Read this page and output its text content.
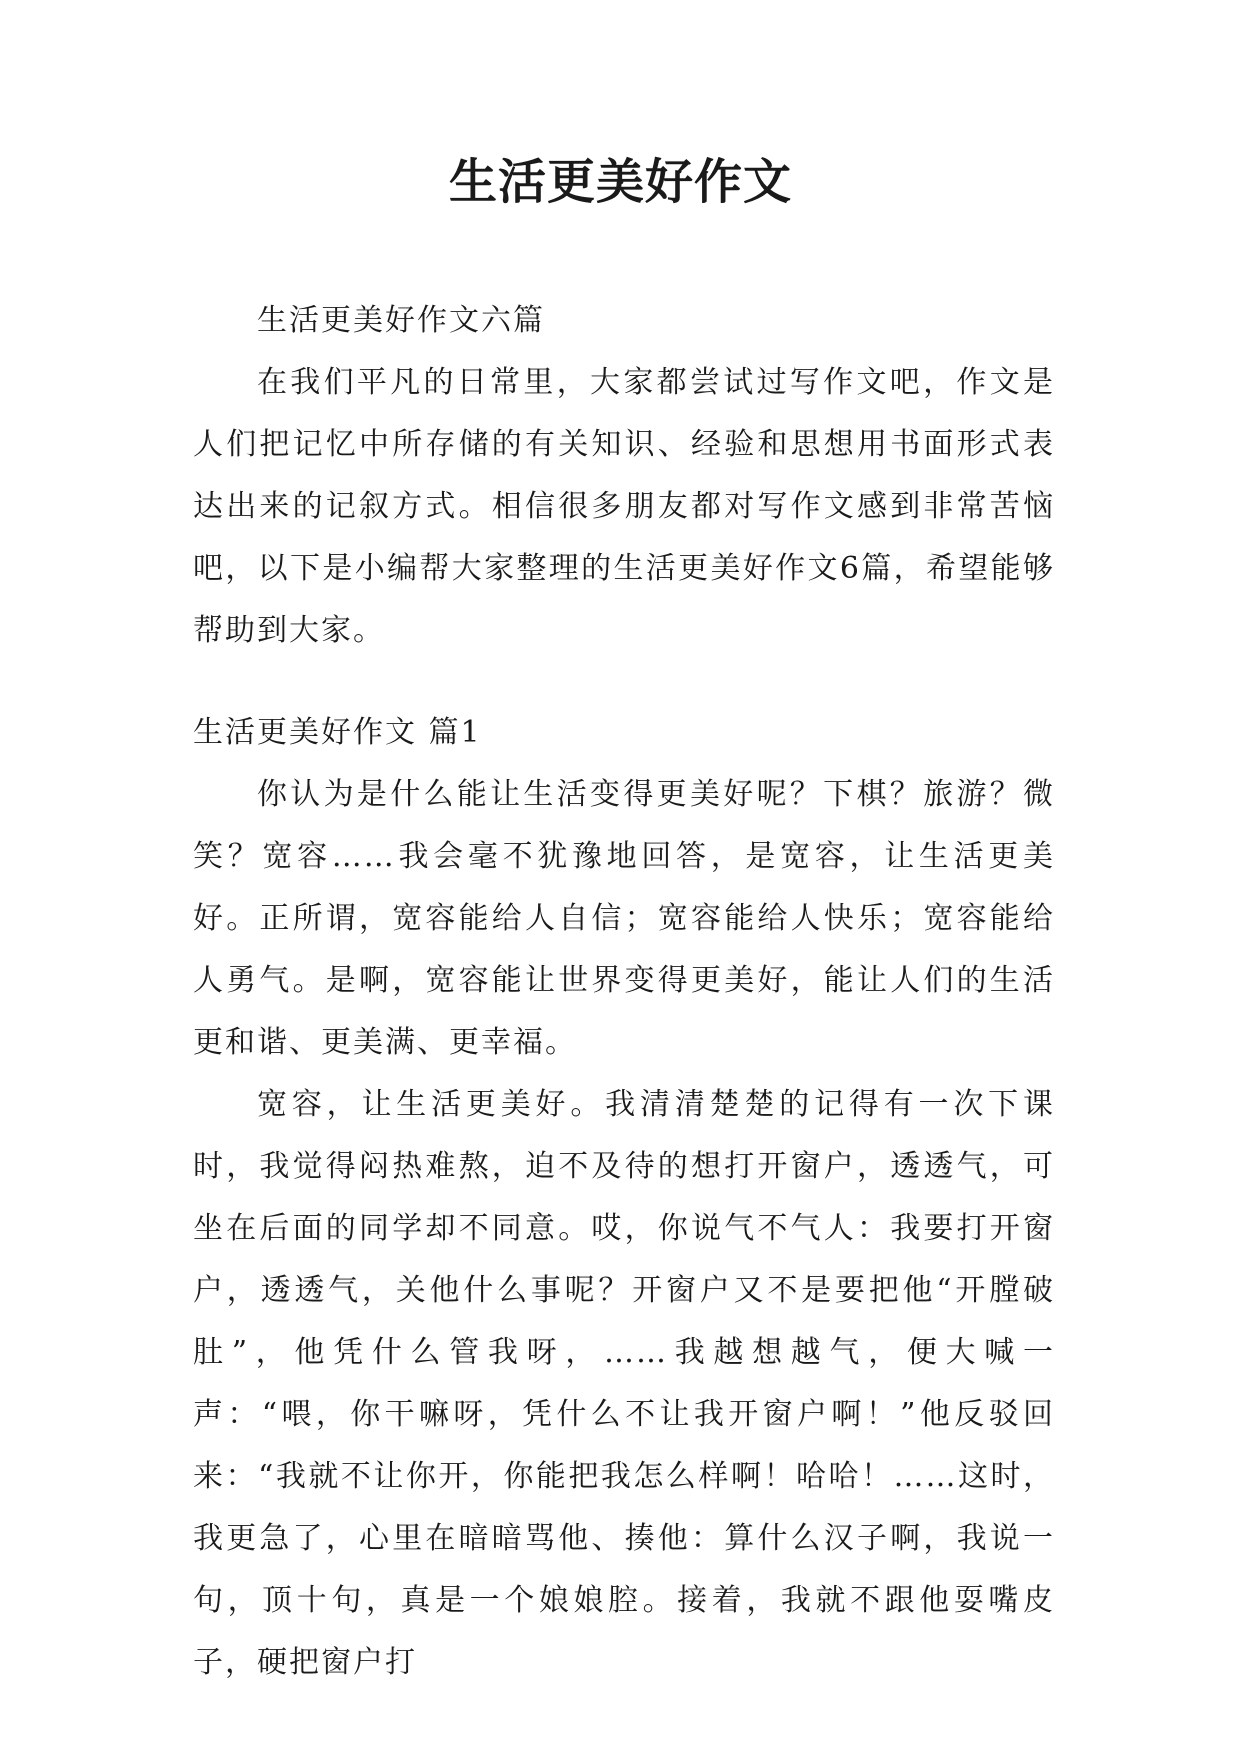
生活更美好作文

生活更美好作文六篇

在我们平凡的日常里，大家都尝试过写作文吧，作文是人们把记忆中所存储的有关知识、经验和思想用书面形式表达出来的记叙方式。相信很多朋友都对写作文感到非常苦恼吧，以下是小编帮大家整理的生活更美好作文6篇，希望能够帮助到大家。

生活更美好作文 篇1

你认为是什么能让生活变得更美好呢？下棋？旅游？微笑？宽容……我会毫不犹豫地回答，是宽容，让生活更美好。正所谓，宽容能给人自信；宽容能给人快乐；宽容能给人勇气。是啊，宽容能让世界变得更美好，能让人们的生活更和谐、更美满、更幸福。

宽容，让生活更美好。我清清楚楚的记得有一次下课时，我觉得闷热难熬，迫不及待的想打开窗户，透透气，可坐在后面的同学却不同意。哎，你说气不气人：我要打开窗户，透透气，关他什么事呢？开窗户又不是要把他“开膛破肚”，他凭什么管我呀，……我越想越气，便大喊一声：“喂，你干嘛呀，凭什么不让我开窗户啊！”他反驳回来：“我就不让你开，你能把我怎么样啊！哈哈！……这时，我更急了，心里在暗暗骂他、揍他：算什么汉子啊，我说一句，顶十句，真是一个娘娘腔。接着，我就不跟他耍嘴皮子，硬把窗户打
